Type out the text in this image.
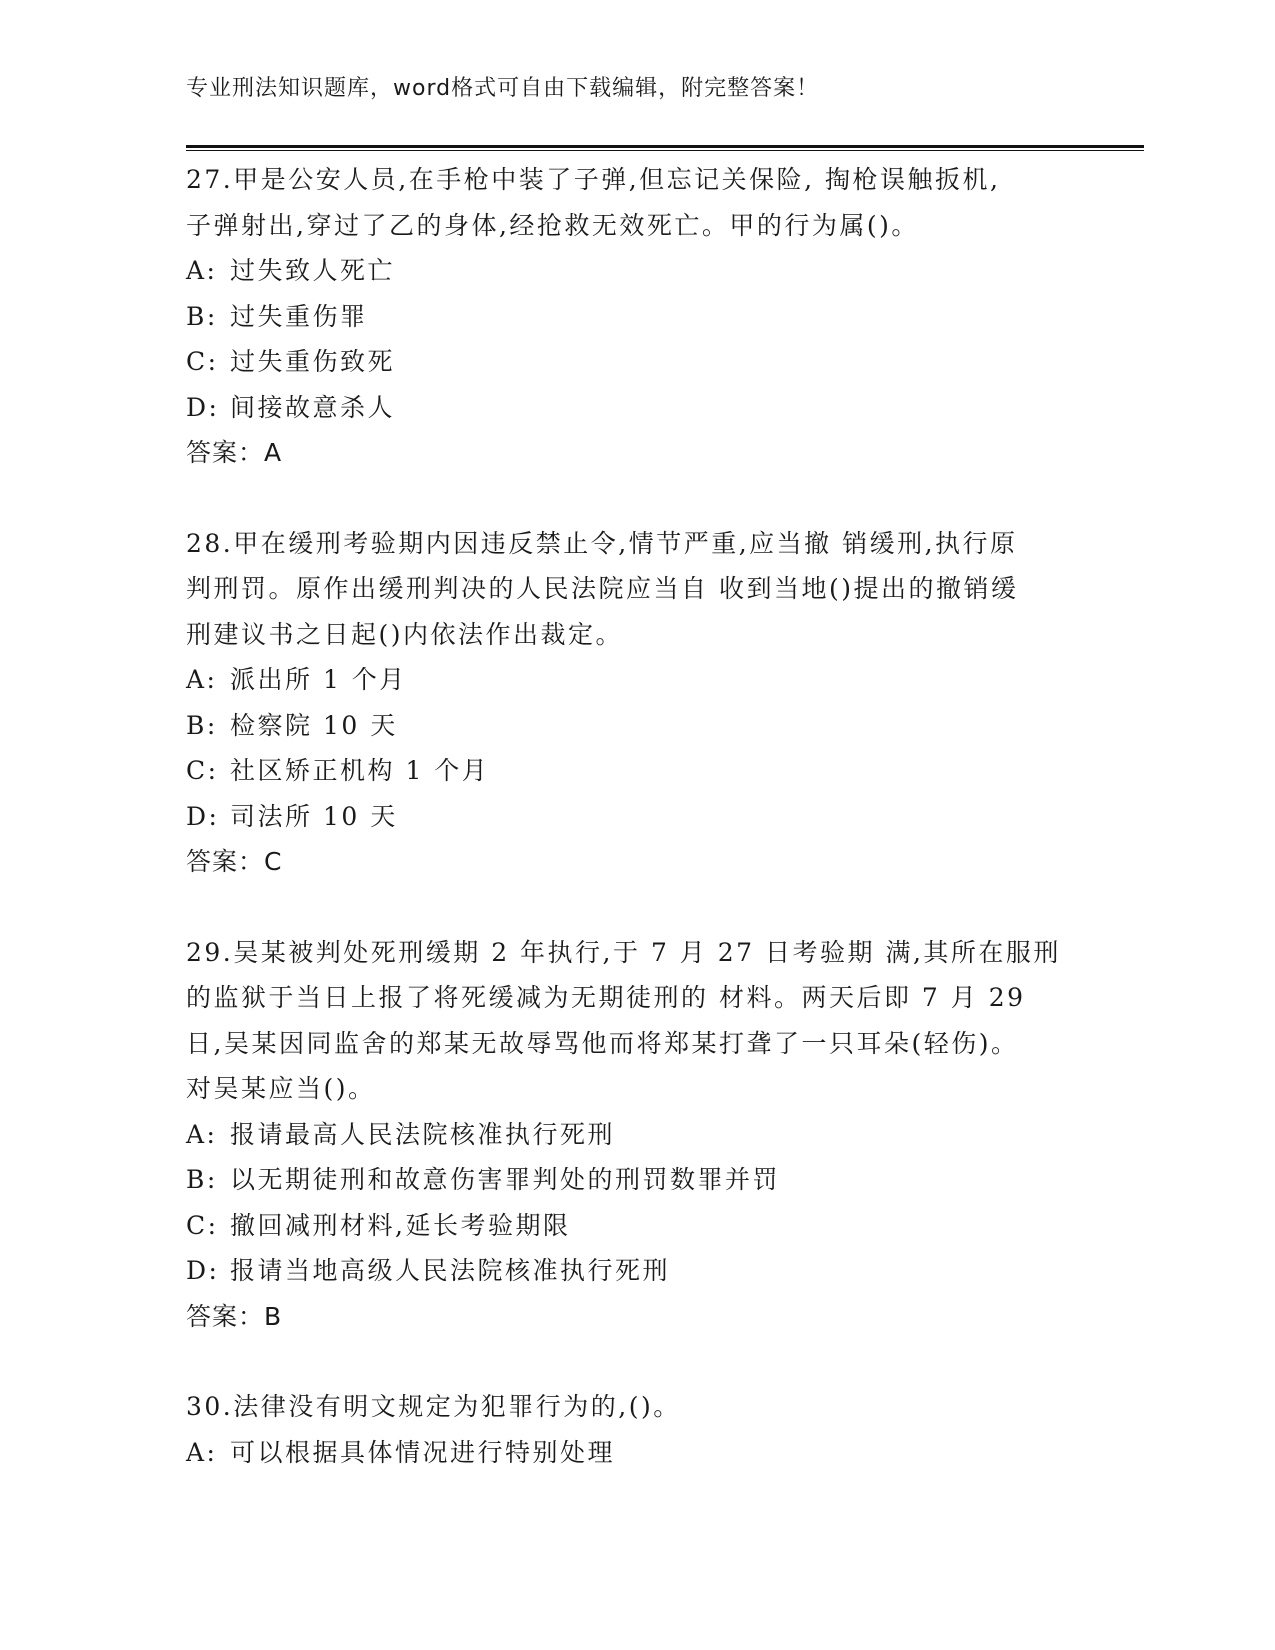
专业刑法知识题库，word格式可自由下载编辑，附完整答案！
27.甲是公安人员,在手枪中装了子弹,但忘记关保险, 掏枪误触扳机,
子弹射出,穿过了乙的身体,经抢救无效死亡。甲的行为属()。
A: 过失致人死亡
B: 过失重伤罪
C: 过失重伤致死
D: 间接故意杀人
答案：A
28.甲在缓刑考验期内因违反禁止令,情节严重,应当撤 销缓刑,执行原
判刑罚。原作出缓刑判决的人民法院应当自 收到当地()提出的撤销缓
刑建议书之日起()内依法作出裁定。
A: 派出所 1 个月
B: 检察院 10 天
C: 社区矫正机构 1 个月
D: 司法所 10 天
答案：C
29.吴某被判处死刑缓期 2 年执行,于 7 月 27 日考验期 满,其所在服刑
的监狱于当日上报了将死缓减为无期徒刑的 材料。两天后即 7 月 29
日,吴某因同监舍的郑某无故辱骂他而将郑某打聋了一只耳朵(轻伤)。
对吴某应当()。
A: 报请最高人民法院核准执行死刑
B: 以无期徒刑和故意伤害罪判处的刑罚数罪并罚
C: 撤回减刑材料,延长考验期限
D: 报请当地高级人民法院核准执行死刑
答案：B
30.法律没有明文规定为犯罪行为的,()。
A: 可以根据具体情况进行特别处理
